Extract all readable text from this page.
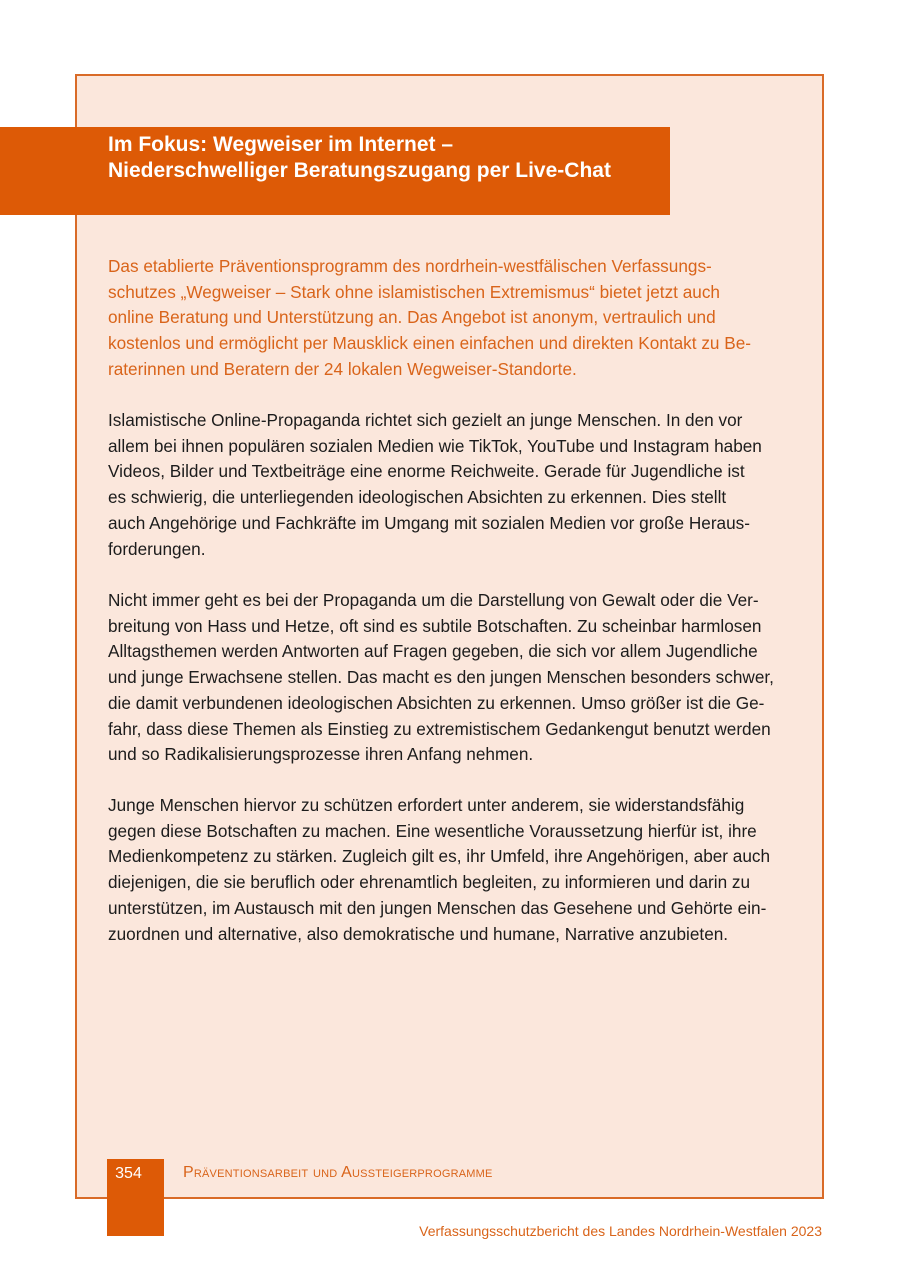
Im Fokus: Wegweiser im Internet –
Niederschwelliger Beratungszugang per Live-Chat

Das etablierte Präventionsprogramm des nordrhein-westfälischen Verfassungs-
schutzes „Wegweiser – Stark ohne islamistischen Extremismus“ bietet jetzt auch
online Beratung und Unterstützung an. Das Angebot ist anonym, vertraulich und
kostenlos und ermöglicht per Mausklick einen einfachen und direkten Kontakt zu Be-
raterinnen und Beratern der 24 lokalen Wegweiser-Standorte.

Islamistische Online-Propaganda richtet sich gezielt an junge Menschen. In den vor
allem bei ihnen populären sozialen Medien wie TikTok, YouTube und Instagram haben
Videos, Bilder und Textbeiträge eine enorme Reichweite. Gerade für Jugendliche ist
es schwierig, die unterliegenden ideologischen Absichten zu erkennen. Dies stellt
auch Angehörige und Fachkräfte im Umgang mit sozialen Medien vor große Heraus-
forderungen.

Nicht immer geht es bei der Propaganda um die Darstellung von Gewalt oder die Ver-
breitung von Hass und Hetze, oft sind es subtile Botschaften. Zu scheinbar harmlosen
Alltagsthemen werden Antworten auf Fragen gegeben, die sich vor allem Jugendliche
und junge Erwachsene stellen. Das macht es den jungen Menschen besonders schwer,
die damit verbundenen ideologischen Absichten zu erkennen. Umso größer ist die Ge-
fahr, dass diese Themen als Einstieg zu extremistischem Gedankengut benutzt werden
und so Radikalisierungsprozesse ihren Anfang nehmen.

Junge Menschen hiervor zu schützen erfordert unter anderem, sie widerstandsfähig
gegen diese Botschaften zu machen. Eine wesentliche Voraussetzung hierfür ist, ihre
Medienkompetenz zu stärken. Zugleich gilt es, ihr Umfeld, ihre Angehörigen, aber auch
diejenigen, die sie beruflich oder ehrenamtlich begleiten, zu informieren und darin zu
unterstützen, im Austausch mit den jungen Menschen das Gesehene und Gehörte ein-
zuordnen und alternative, also demokratische und humane, Narrative anzubieten.

354	Präventionsarbeit und Aussteigerprogramme
Verfassungsschutzbericht des Landes Nordrhein-Westfalen 2023
